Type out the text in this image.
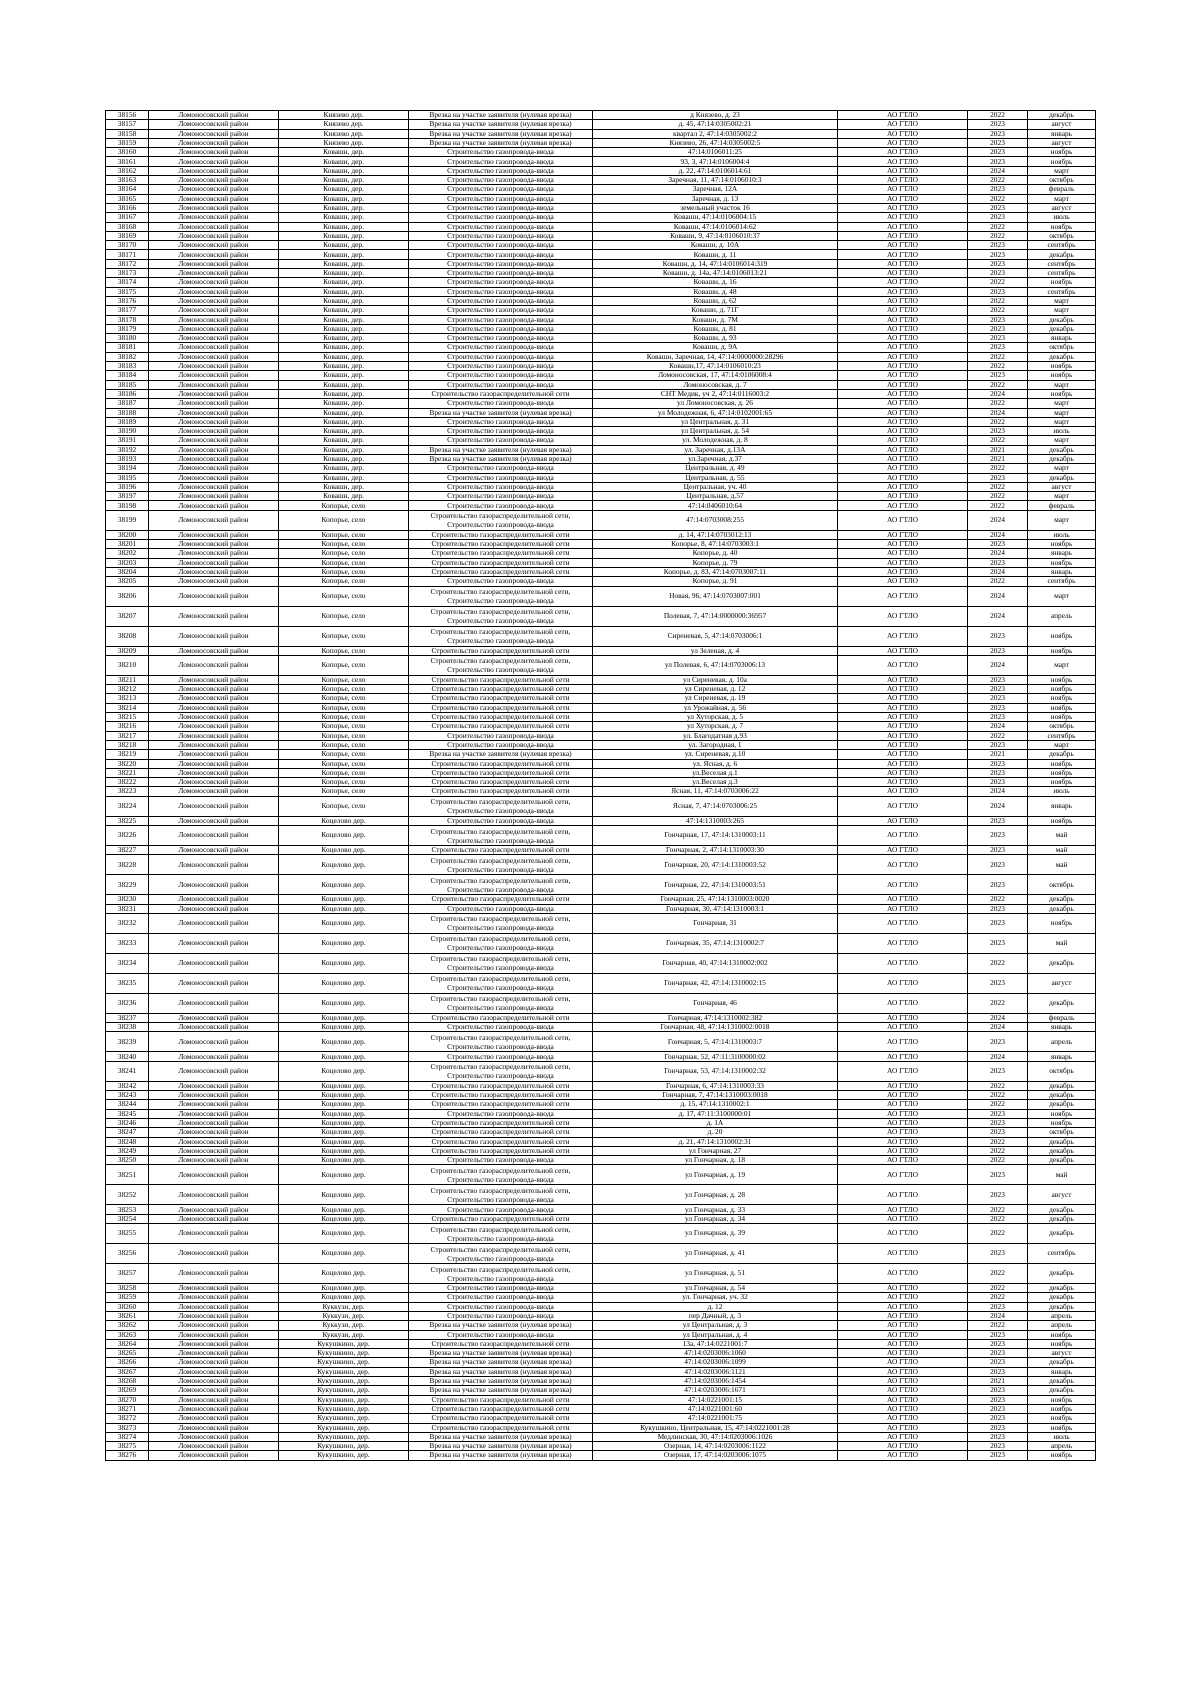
38156	Ломоносовский район	Князево дер.	Врезка на участке заявителя (нулевая врезка)	д Князево, д. 23	АО ГТЛО	2022	декабрь
38157	Ломоносовский район	Князево дер.	Врезка на участке заявителя (нулевая врезка)	д. 45, 47:14:0305002:21	АО ГТЛО	2023	август
38158	Ломоносовский район	Князево дер.	Врезка на участке заявителя (нулевая врезка)	квартал 2, 47:14:0305002:2	АО ГТЛО	2023	январь
38159	Ломоносовский район	Князево дер.	Врезка на участке заявителя (нулевая врезка)	Князево, 26, 47:14:0305002:5	АО ГТЛО	2023	август
38160	Ломоносовский район	Ковашн, дер.	Строительство газопровода-ввода	47:14:0106011:25	АО ГТЛО	2023	ноябрь
38161	Ломоносовский район	Ковашн, дер.	Строительство газопровода-ввода	93, 3, 47:14:0106004:4	АО ГТЛО	2023	ноябрь
38162	Ломоносовский район	Ковашн, дер.	Строительство газопровода-ввода	д. 22, 47:14:0106014:61	АО ГТЛО	2024	март
38163	Ломоносовский район	Ковашн, дер.	Строительство газопровода-ввода	Заречная, 11, 47:14:0106010:3	АО ГТЛО	2022	октябрь
38164	Ломоносовский район	Ковашн, дер.	Строительство газопровода-ввода	Заречная, 12А	АО ГТЛО	2023	февраль
38165	Ломоносовский район	Ковашн, дер.	Строительство газопровода-ввода	Заречная, д. 13	АО ГТЛО	2022	март
38166	Ломоносовский район	Ковашн, дер.	Строительство газопровода-ввода	земельный участок 16	АО ГТЛО	2023	август
38167	Ломоносовский район	Ковашн, дер.	Строительство газопровода-ввода	Ковашн, 47:14:0106004:15	АО ГТЛО	2023	июль
38168	Ломоносовский район	Ковашн, дер.	Строительство газопровода-ввода	Ковашн, 47:14:0106014:62	АО ГТЛО	2022	ноябрь
38169	Ломоносовский район	Ковашн, дер.	Строительство газопровода-ввода	Ковашн, 9, 47:14:0106010:37	АО ГТЛО	2022	октябрь
38170	Ломоносовский район	Ковашн, дер.	Строительство газопровода-ввода	Ковашн, д. 10А	АО ГТЛО	2023	сентябрь
38171	Ломоносовский район	Ковашн, дер.	Строительство газопровода-ввода	Ковашн, д. 11	АО ГТЛО	2023	декабрь
38172	Ломоносовский район	Ковашн, дер.	Строительство газопровода-ввода	Ковашн, д. 14, 47:14:0106014:319	АО ГТЛО	2023	сентябрь
38173	Ломоносовский район	Ковашн, дер.	Строительство газопровода-ввода	Ковашн, д. 14а, 47:14:0106013:21	АО ГТЛО	2023	сентябрь
38174	Ломоносовский район	Ковашн, дер.	Строительство газопровода-ввода	Ковашн, д. 16	АО ГТЛО	2022	ноябрь
38175	Ломоносовский район	Ковашн, дер.	Строительство газопровода-ввода	Ковашн, д. 48	АО ГТЛО	2023	сентябрь
38176	Ломоносовский район	Ковашн, дер.	Строительство газопровода-ввода	Ковашн, д. 62	АО ГТЛО	2022	март
38177	Ломоносовский район	Ковашн, дер.	Строительство газопровода-ввода	Ковашн, д. 71Г	АО ГТЛО	2022	март
38178	Ломоносовский район	Ковашн, дер.	Строительство газопровода-ввода	Ковашн, д. 7М	АО ГТЛО	2023	декабрь
38179	Ломоносовский район	Ковашн, дер.	Строительство газопровода-ввода	Ковашн, д. 81	АО ГТЛО	2023	декабрь
38180	Ломоносовский район	Ковашн, дер.	Строительство газопровода-ввода	Ковашн, д. 93	АО ГТЛО	2023	январь
38181	Ломоносовский район	Ковашн, дер.	Строительство газопровода-ввода	Ковашн, д. 9А	АО ГТЛО	2023	октябрь
38182	Ломоносовский район	Ковашн, дер.	Строительство газопровода-ввода	Ковашн, Заречная, 14, 47:14:0000000:28296	АО ГТЛО	2022	декабрь
38183	Ломоносовский район	Ковашн, дер.	Строительство газопровода-ввода	Ковашн,17, 47:14:0106010:23	АО ГТЛО	2022	ноябрь
38184	Ломоносовский район	Ковашн, дер.	Строительство газопровода-ввода	Ломоносовская, 17, 47:14:0106008:4	АО ГТЛО	2023	ноябрь
38185	Ломоносовский район	Ковашн, дер.	Строительство газопровода-ввода	Ломоносовская, д. 7	АО ГТЛО	2022	март
38186	Ломоносовский район	Ковашн, дер.	Строительство газораспределительной сети	СНТ Медик, уч 2, 47:14:0116003:2	АО ГТЛО	2024	ноябрь
38187	Ломоносовский район	Ковашн, дер.	Строительство газопровода-ввода	ул Ломоносовская, д. 26	АО ГТЛО	2022	март
38188	Ломоносовский район	Ковашн, дер.	Врезка на участке заявителя (нулевая врезка)	ул Молодежная, 6, 47:14:0102001:65	АО ГТЛО	2024	март
38189	Ломоносовский район	Ковашн, дер.	Строительство газопровода-ввода	ул Центральная, д. 31	АО ГТЛО	2022	март
38190	Ломоносовский район	Ковашн, дер.	Строительство газопровода-ввода	ул Центральная, д. 54	АО ГТЛО	2023	июль
38191	Ломоносовский район	Ковашн, дер.	Строительство газопровода-ввода	ул. Молодежная, д. 8	АО ГТЛО	2022	март
38192	Ломоносовский район	Ковашн, дер.	Врезка на участке заявителя (нулевая врезка)	ул. Заречная, д.13А	АО ГТЛО	2021	декабрь
38193	Ломоносовский район	Ковашн, дер.	Врезка на участке заявителя (нулевая врезка)	ул.Заречная, д.37	АО ГТЛО	2021	декабрь
38194	Ломоносовский район	Ковашн, дер.	Строительство газопровода-ввода	Центральная, д. 49	АО ГТЛО	2022	март
38195	Ломоносовский район	Ковашн, дер.	Строительство газопровода-ввода	Центральная, д. 55	АО ГТЛО	2023	декабрь
38196	Ломоносовский район	Ковашн, дер.	Строительство газопровода-ввода	Центральная, уч. 40	АО ГТЛО	2022	август
38197	Ломоносовский район	Ковашн, дер.	Строительство газопровода-ввода	Центральная, д.57	АО ГТЛО	2022	март
38198	Ломоносовский район	Копорье, село	Строительство газопровода-ввода	47:14:0406010:64	АО ГТЛО	2022	февраль
38199	Ломоносовский район	Копорье, село	Строительство газораспределительной сети, Строительство газопровода-ввода	47:14:0703008:255	АО ГТЛО	2024	март
38200	Ломоносовский район	Копорье, село	Строительство газораспределительной сети	д. 14, 47:14:0703012:13	АО ГТЛО	2024	июль
38201	Ломоносовский район	Копорье, село	Строительство газораспределительной сети	Копорье, 8, 47:14:0703003:1	АО ГТЛО	2023	ноябрь
38202	Ломоносовский район	Копорье, село	Строительство газораспределительной сети	Копорье, д. 40	АО ГТЛО	2024	январь
38203	Ломоносовский район	Копорье, село	Строительство газораспределительной сети	Копорье, д. 79	АО ГТЛО	2023	ноябрь
38204	Ломоносовский район	Копорье, село	Строительство газораспределительной сети	Копорье, д. 83, 47:14:0703007:11	АО ГТЛО	2024	январь
38205	Ломоносовский район	Копорье, село	Строительство газопровода-ввода	Копорье, д. 91	АО ГТЛО	2022	сентябрь
38206	Ломоносовский район	Копорье, село	Строительство газораспределительной сети, Строительство газопровода-ввода	Новая, 96, 47:14:0703007:001	АО ГТЛО	2024	март
38207	Ломоносовский район	Копорье, село	Строительство газораспределительной сети, Строительство газопровода-ввода	Полевая, 7, 47:14:0000000:36957	АО ГТЛО	2024	апрель
38208	Ломоносовский район	Копорье, село	Строительство газораспределительной сети, Строительство газопровода-ввода	Сиреневая, 5, 47:14:0703006:1	АО ГТЛО	2023	ноябрь
38209	Ломоносовский район	Копорье, село	Строительство газораспределительной сети	ул Зеленая, д. 4	АО ГТЛО	2023	ноябрь
38210	Ломоносовский район	Копорье, село	Строительство газораспределительной сети, Строительство газопровода-ввода	ул Полевая, 6, 47:14:0703006:13	АО ГТЛО	2024	март
38211	Ломоносовский район	Копорье, село	Строительство газораспределительной сети	ул Сиреневая, д. 10а	АО ГТЛО	2023	ноябрь
38212	Ломоносовский район	Копорье, село	Строительство газораспределительной сети	ул Сиреневая, д. 12	АО ГТЛО	2023	ноябрь
38213	Ломоносовский район	Копорье, село	Строительство газораспределительной сети	ул Сиреневая, д. 19	АО ГТЛО	2023	ноябрь
38214	Ломоносовский район	Копорье, село	Строительство газораспределительной сети	ул Урожайная, д. 56	АО ГТЛО	2023	ноябрь
38215	Ломоносовский район	Копорье, село	Строительство газораспределительной сети	ул Хуторская, д. 5	АО ГТЛО	2023	ноябрь
38216	Ломоносовский район	Копорье, село	Строительство газораспределительной сети	ул Хуторская, д. 7	АО ГТЛО	2024	октябрь
38217	Ломоносовский район	Копорье, село	Строительство газопровода-ввода	ул. Благодатная д.93	АО ГТЛО	2022	сентябрь
38218	Ломоносовский район	Копорье, село	Строительство газопровода-ввода	ул. Загородная, 1	АО ГТЛО	2023	март
38219	Ломоносовский район	Копорье, село	Врезка на участке заявителя (нулевая врезка)	ул. Сиреневая, д.10	АО ГТЛО	2021	декабрь
38220	Ломоносовский район	Копорье, село	Строительство газораспределительной сети	ул. Ясная, д. 6	АО ГТЛО	2023	ноябрь
38221	Ломоносовский район	Копорье, село	Строительство газораспределительной сети	ул.Веселая д.1	АО ГТЛО	2023	ноябрь
38222	Ломоносовский район	Копорье, село	Строительство газораспределительной сети	ул.Веселая д.3	АО ГТЛО	2023	ноябрь
38223	Ломоносовский район	Копорье, село	Строительство газораспределительной сети	Ясная, 11, 47:14:0703006:22	АО ГТЛО	2024	июль
38224	Ломоносовский район	Копорье, село	Строительство газораспределительной сети, Строительство газопровода-ввода	Ясная, 7, 47:14:0703006:25	АО ГТЛО	2024	январь
38225	Ломоносовский район	Коцелово дер.	Строительство газопровода-ввода	47:14:1310003:265	АО ГТЛО	2023	ноябрь
38226	Ломоносовский район	Коцелово дер.	Строительство газораспределительной сети, Строительство газопровода-ввода	Гончарная, 17, 47:14:1310003:11	АО ГТЛО	2023	май
38227	Ломоносовский район	Коцелово дер.	Строительство газораспределительной сети	Гончарная, 2, 47:14:1310003:30	АО ГТЛО	2023	май
38228	Ломоносовский район	Коцелово дер.	Строительство газораспределительной сети, Строительство газопровода-ввода	Гончарная, 20, 47:14:1310003:52	АО ГТЛО	2023	май
38229	Ломоносовский район	Коцелово дер.	Строительство газораспределительной сети, Строительство газопровода-ввода	Гончарная, 22, 47:14:1310003:51	АО ГТЛО	2023	октябрь
38230	Ломоносовский район	Коцелово дер.	Строительство газораспределительной сети	Гончарная, 25, 47:14:1310003:0020	АО ГТЛО	2022	декабрь
38231	Ломоносовский район	Коцелово дер.	Строительство газопровода-ввода	Гончарная, 30, 47:14:1310003:1	АО ГТЛО	2023	декабрь
38232	Ломоносовский район	Коцелово дер.	Строительство газораспределительной сети, Строительство газопровода-ввода	Гончарная, 31	АО ГТЛО	2023	ноябрь
38233	Ломоносовский район	Коцелово дер.	Строительство газораспределительной сети, Строительство газопровода-ввода	Гончарная, 35, 47:14:1310002:7	АО ГТЛО	2023	май
38234	Ломоносовский район	Коцелово дер.	Строительство газораспределительной сети, Строительство газопровода-ввода	Гончарная, 40, 47:14:1310002:002	АО ГТЛО	2022	декабрь
38235	Ломоносовский район	Коцелово дер.	Строительство газораспределительной сети, Строительство газопровода-ввода	Гончарная, 42, 47:14:1310002:15	АО ГТЛО	2023	август
38236	Ломоносовский район	Коцелово дер.	Строительство газораспределительной сети, Строительство газопровода-ввода	Гончарная, 46	АО ГТЛО	2022	декабрь
38237	Ломоносовский район	Коцелово дер.	Строительство газораспределительной сети	Гончарная, 47:14:1310002:382	АО ГТЛО	2024	февраль
38238	Ломоносовский район	Коцелово дер.	Строительство газопровода-ввода	Гончарная, 48, 47:14:1310002:0018	АО ГТЛО	2024	январь
38239	Ломоносовский район	Коцелово дер.	Строительство газораспределительной сети, Строительство газопровода-ввода	Гончарная, 5, 47:14:1310003:7	АО ГТЛО	2023	апрель
38240	Ломоносовский район	Коцелово дер.	Строительство газопровода-ввода	Гончарная, 52, 47:11:3100000:02	АО ГТЛО	2024	январь
38241	Ломоносовский район	Коцелово дер.	Строительство газораспределительной сети, Строительство газопровода-ввода	Гончарная, 53, 47:14:1310002:32	АО ГТЛО	2023	октябрь
38242	Ломоносовский район	Коцелово дер.	Строительство газораспределительной сети	Гончарная, 6, 47:14:1310003:33	АО ГТЛО	2022	декабрь
38243	Ломоносовский район	Коцелово дер.	Строительство газораспределительной сети	Гончарная, 7, 47:14:1310003:0018	АО ГТЛО	2022	декабрь
38244	Ломоносовский район	Коцелово дер.	Строительство газораспределительной сети	д. 15, 47:14:1310002:1	АО ГТЛО	2022	декабрь
38245	Ломоносовский район	Коцелово дер.	Строительство газопровода-ввода	д. 17, 47:11:3100000:01	АО ГТЛО	2023	ноябрь
38246	Ломоносовский район	Коцелово дер.	Строительство газораспределительной сети	д. 1А	АО ГТЛО	2023	ноябрь
38247	Ломоносовский район	Коцелово дер.	Строительство газораспределительной сети	д. 20	АО ГТЛО	2023	октябрь
38248	Ломоносовский район	Коцелово дер.	Строительство газораспределительной сети	д. 21, 47:14:1310002:31	АО ГТЛО	2022	декабрь
38249	Ломоносовский район	Коцелово дер.	Строительство газораспределительной сети	ул Гончарная, 27	АО ГТЛО	2022	декабрь
38250	Ломоносовский район	Коцелово дер.	Строительство газопровода-ввода	ул Гончарная, д. 18	АО ГТЛО	2022	декабрь
38251	Ломоносовский район	Коцелово дер.	Строительство газораспределительной сети, Строительство газопровода-ввода	ул Гончарная, д. 19	АО ГТЛО	2023	май
38252	Ломоносовский район	Коцелово дер.	Строительство газораспределительной сети, Строительство газопровода-ввода	ул Гончарная, д. 28	АО ГТЛО	2023	август
38253	Ломоносовский район	Коцелово дер.	Строительство газопровода-ввода	ул Гончарная, д. 33	АО ГТЛО	2022	декабрь
38254	Ломоносовский район	Коцелово дер.	Строительство газораспределительной сети	ул Гончарная, д. 34	АО ГТЛО	2022	декабрь
38255	Ломоносовский район	Коцелово дер.	Строительство газораспределительной сети, Строительство газопровода-ввода	ул Гончарная, д. 39	АО ГТЛО	2022	декабрь
38256	Ломоносовский район	Коцелово дер.	Строительство газораспределительной сети, Строительство газопровода-ввода	ул Гончарная, д. 41	АО ГТЛО	2023	сентябрь
38257	Ломоносовский район	Коцелово дер.	Строительство газораспределительной сети, Строительство газопровода-ввода	ул Гончарная, д. 51	АО ГТЛО	2022	декабрь
38258	Ломоносовский район	Коцелово дер.	Строительство газопровода-ввода	ул Гончарная, д. 54	АО ГТЛО	2022	декабрь
38259	Ломоносовский район	Коцелово дер.	Строительство газопровода-ввода	ул. Гончарная, уч. 32	АО ГТЛО	2022	декабрь
38260	Ломоносовский район	Куккузи, дер.	Строительство газопровода-ввода	д. 12	АО ГТЛО	2023	декабрь
38261	Ломоносовский район	Куккузи, дер.	Строительство газопровода-ввода	пер Дачный, д. 3	АО ГТЛО	2024	апрель
38262	Ломоносовский район	Куккузи, дер.	Врезка на участке заявителя (нулевая врезка)	ул Центральная, д. 3	АО ГТЛО	2022	апрель
38263	Ломоносовский район	Куккузи, дер.	Строительство газопровода-ввода	ул Центральная, д. 4	АО ГТЛО	2023	ноябрь
38264	Ломоносовский район	Кукушкино, дер.	Строительство газораспределительной сети	13а, 47:14:0221001:7	АО ГТЛО	2023	ноябрь
38265	Ломоносовский район	Кукушкино, дер.	Врезка на участке заявителя (нулевая врезка)	47:14:0203006:1060	АО ГТЛО	2023	август
38266	Ломоносовский район	Кукушкино, дер.	Врезка на участке заявителя (нулевая врезка)	47:14:0203006:1099	АО ГТЛО	2023	декабрь
38267	Ломоносовский район	Кукушкино, дер.	Врезка на участке заявителя (нулевая врезка)	47:14:0203006:1121	АО ГТЛО	2023	январь
38268	Ломоносовский район	Кукушкино, дер.	Врезка на участке заявителя (нулевая врезка)	47:14:0203006:1454	АО ГТЛО	2021	декабрь
38269	Ломоносовский район	Кукушкино, дер.	Врезка на участке заявителя (нулевая врезка)	47:14:0203006:1671	АО ГТЛО	2023	декабрь
38270	Ломоносовский район	Кукушкино, дер.	Строительство газораспределительной сети	47:14:0221001:15	АО ГТЛО	2023	ноябрь
38271	Ломоносовский район	Кукушкино, дер.	Строительство газораспределительной сети	47:14:0221001:60	АО ГТЛО	2023	ноябрь
38272	Ломоносовский район	Кукушкино, дер.	Строительство газораспределительной сети	47:14:0221001:75	АО ГТЛО	2023	ноябрь
38273	Ломоносовский район	Кукушкино, дер.	Строительство газораспределительной сети	Кукушкино, Центральная, 15, 47:14:0221001:28	АО ГТЛО	2023	ноябрь
38274	Ломоносовский район	Кукушкино, дер.	Врезка на участке заявителя (нулевая врезка)	Медлинская, 30, 47:14:0203006:1026	АО ГТЛО	2023	июль
38275	Ломоносовский район	Кукушкино, дер.	Врезка на участке заявителя (нулевая врезка)	Озерная, 14, 47:14:0203006:1122	АО ГТЛО	2023	апрель
38276	Ломоносовский район	Кукушкино, дер.	Врезка на участке заявителя (нулевая врезка)	Озерная, 17, 47:14:0203006:1075	АО ГТЛО	2023	ноябрь
